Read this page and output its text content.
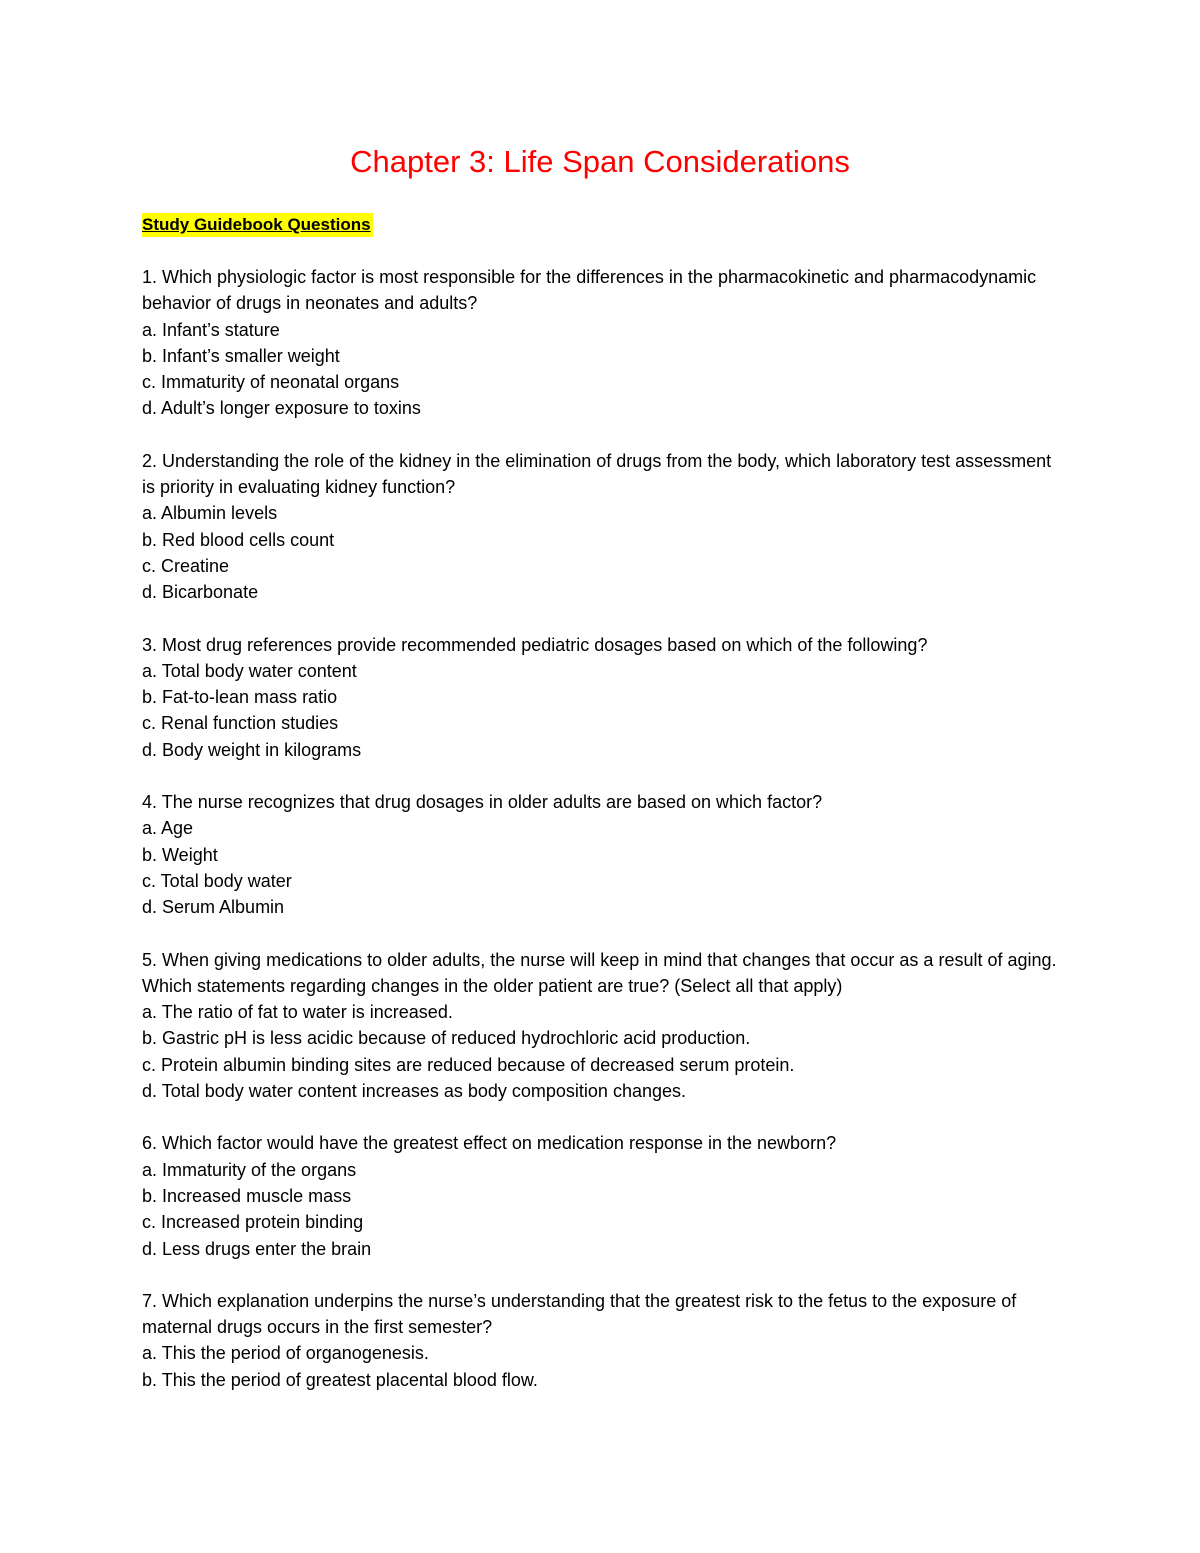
Chapter 3: Life Span Considerations
Study Guidebook Questions

1. Which physiologic factor is most responsible for the differences in the pharmacokinetic and pharmacodynamic behavior of drugs in neonates and adults?

a. Infant’s stature

b. Infant’s smaller weight

c. Immaturity of neonatal organs

d. Adult’s longer exposure to toxins

2. Understanding the role of the kidney in the elimination of drugs from the body, which laboratory test assessment is priority in evaluating kidney function?

a. Albumin levels

b. Red blood cells count

c. Creatine

d. Bicarbonate

3. Most drug references provide recommended pediatric dosages based on which of the following?

a. Total body water content

b. Fat-to-lean mass ratio

c. Renal function studies

d. Body weight in kilograms

4. The nurse recognizes that drug dosages in older adults are based on which factor?

a. Age

b. Weight

c. Total body water

d. Serum Albumin

5. When giving medications to older adults, the nurse will keep in mind that changes that occur as a result of aging. Which statements regarding changes in the older patient are true? (Select all that apply)

a. The ratio of fat to water is increased.

b. Gastric pH is less acidic because of reduced hydrochloric acid production.

c. Protein albumin binding sites are reduced because of decreased serum protein.

d. Total body water content increases as body composition changes.

6. Which factor would have the greatest effect on medication response in the newborn?

a. Immaturity of the organs

b. Increased muscle mass

c. Increased protein binding

d. Less drugs enter the brain

7. Which explanation underpins the nurse’s understanding that the greatest risk to the fetus to the exposure of maternal drugs occurs in the first semester?

a. This the period of organogenesis.

b. This the period of greatest placental blood flow.
